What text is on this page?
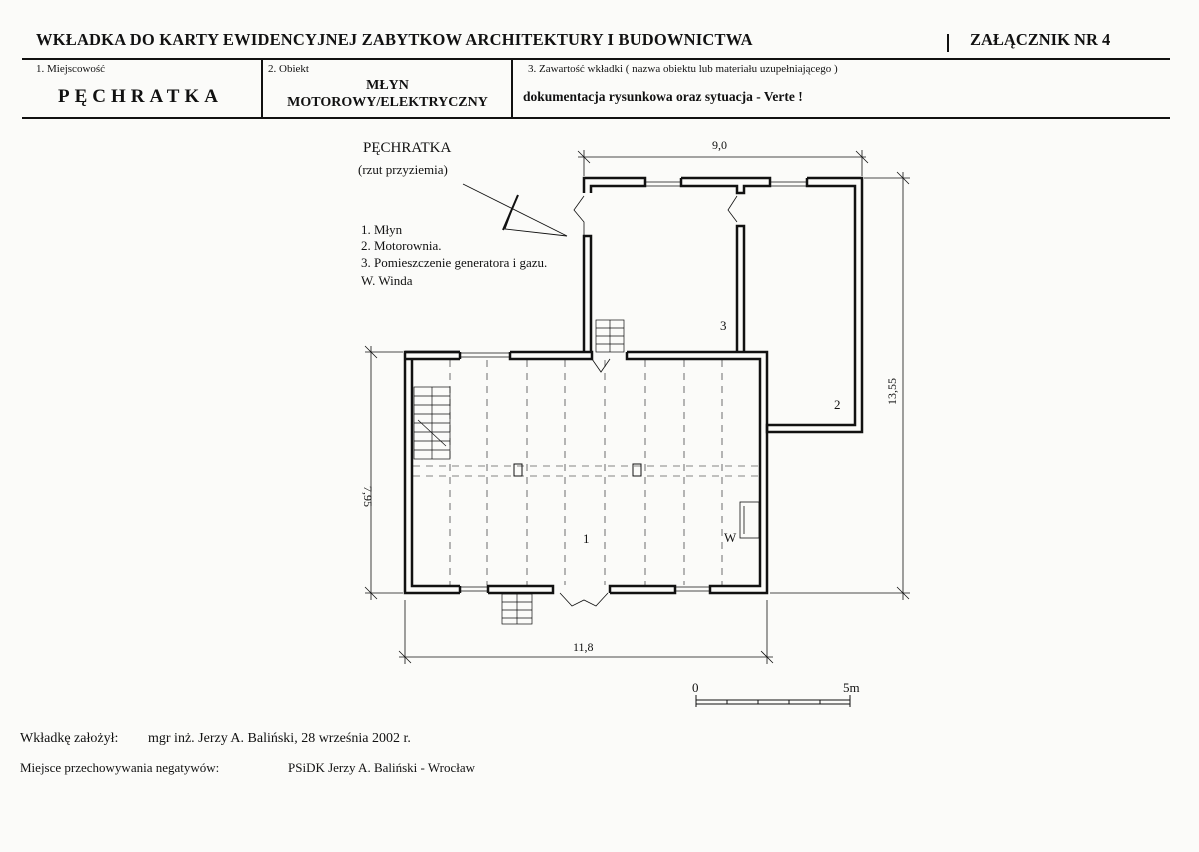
WKŁADKA DO KARTY EWIDENCYJNEJ ZABYTKOW ARCHITEKTURY I BUDOWNICTWA	ZAŁĄCZNIK NR 4
1. Miejscowość
PĘCHRATKA
2. Obiekt
MŁYN
MOTOROWY/ELEKTRYCZNY
3. Zawartość wkładki ( nazwa obiektu lub materiału uzupełniającego )
dokumentacja rysunkowa oraz sytuacja - Verte !
PĘCHRATKA
(rzut przyziemia)
1. Młyn
2. Motorownia.
3. Pomieszczenie generatora i gazu.
W. Winda
1
2
3
W
9,0
11,8
13,55
7,95
0	5m
Wkładkę założył: mgr inż. Jerzy A. Baliński, 28 września 2002 r.
Miejsce przechowywania negatywów:	PSiDK Jerzy A. Baliński - Wrocław
